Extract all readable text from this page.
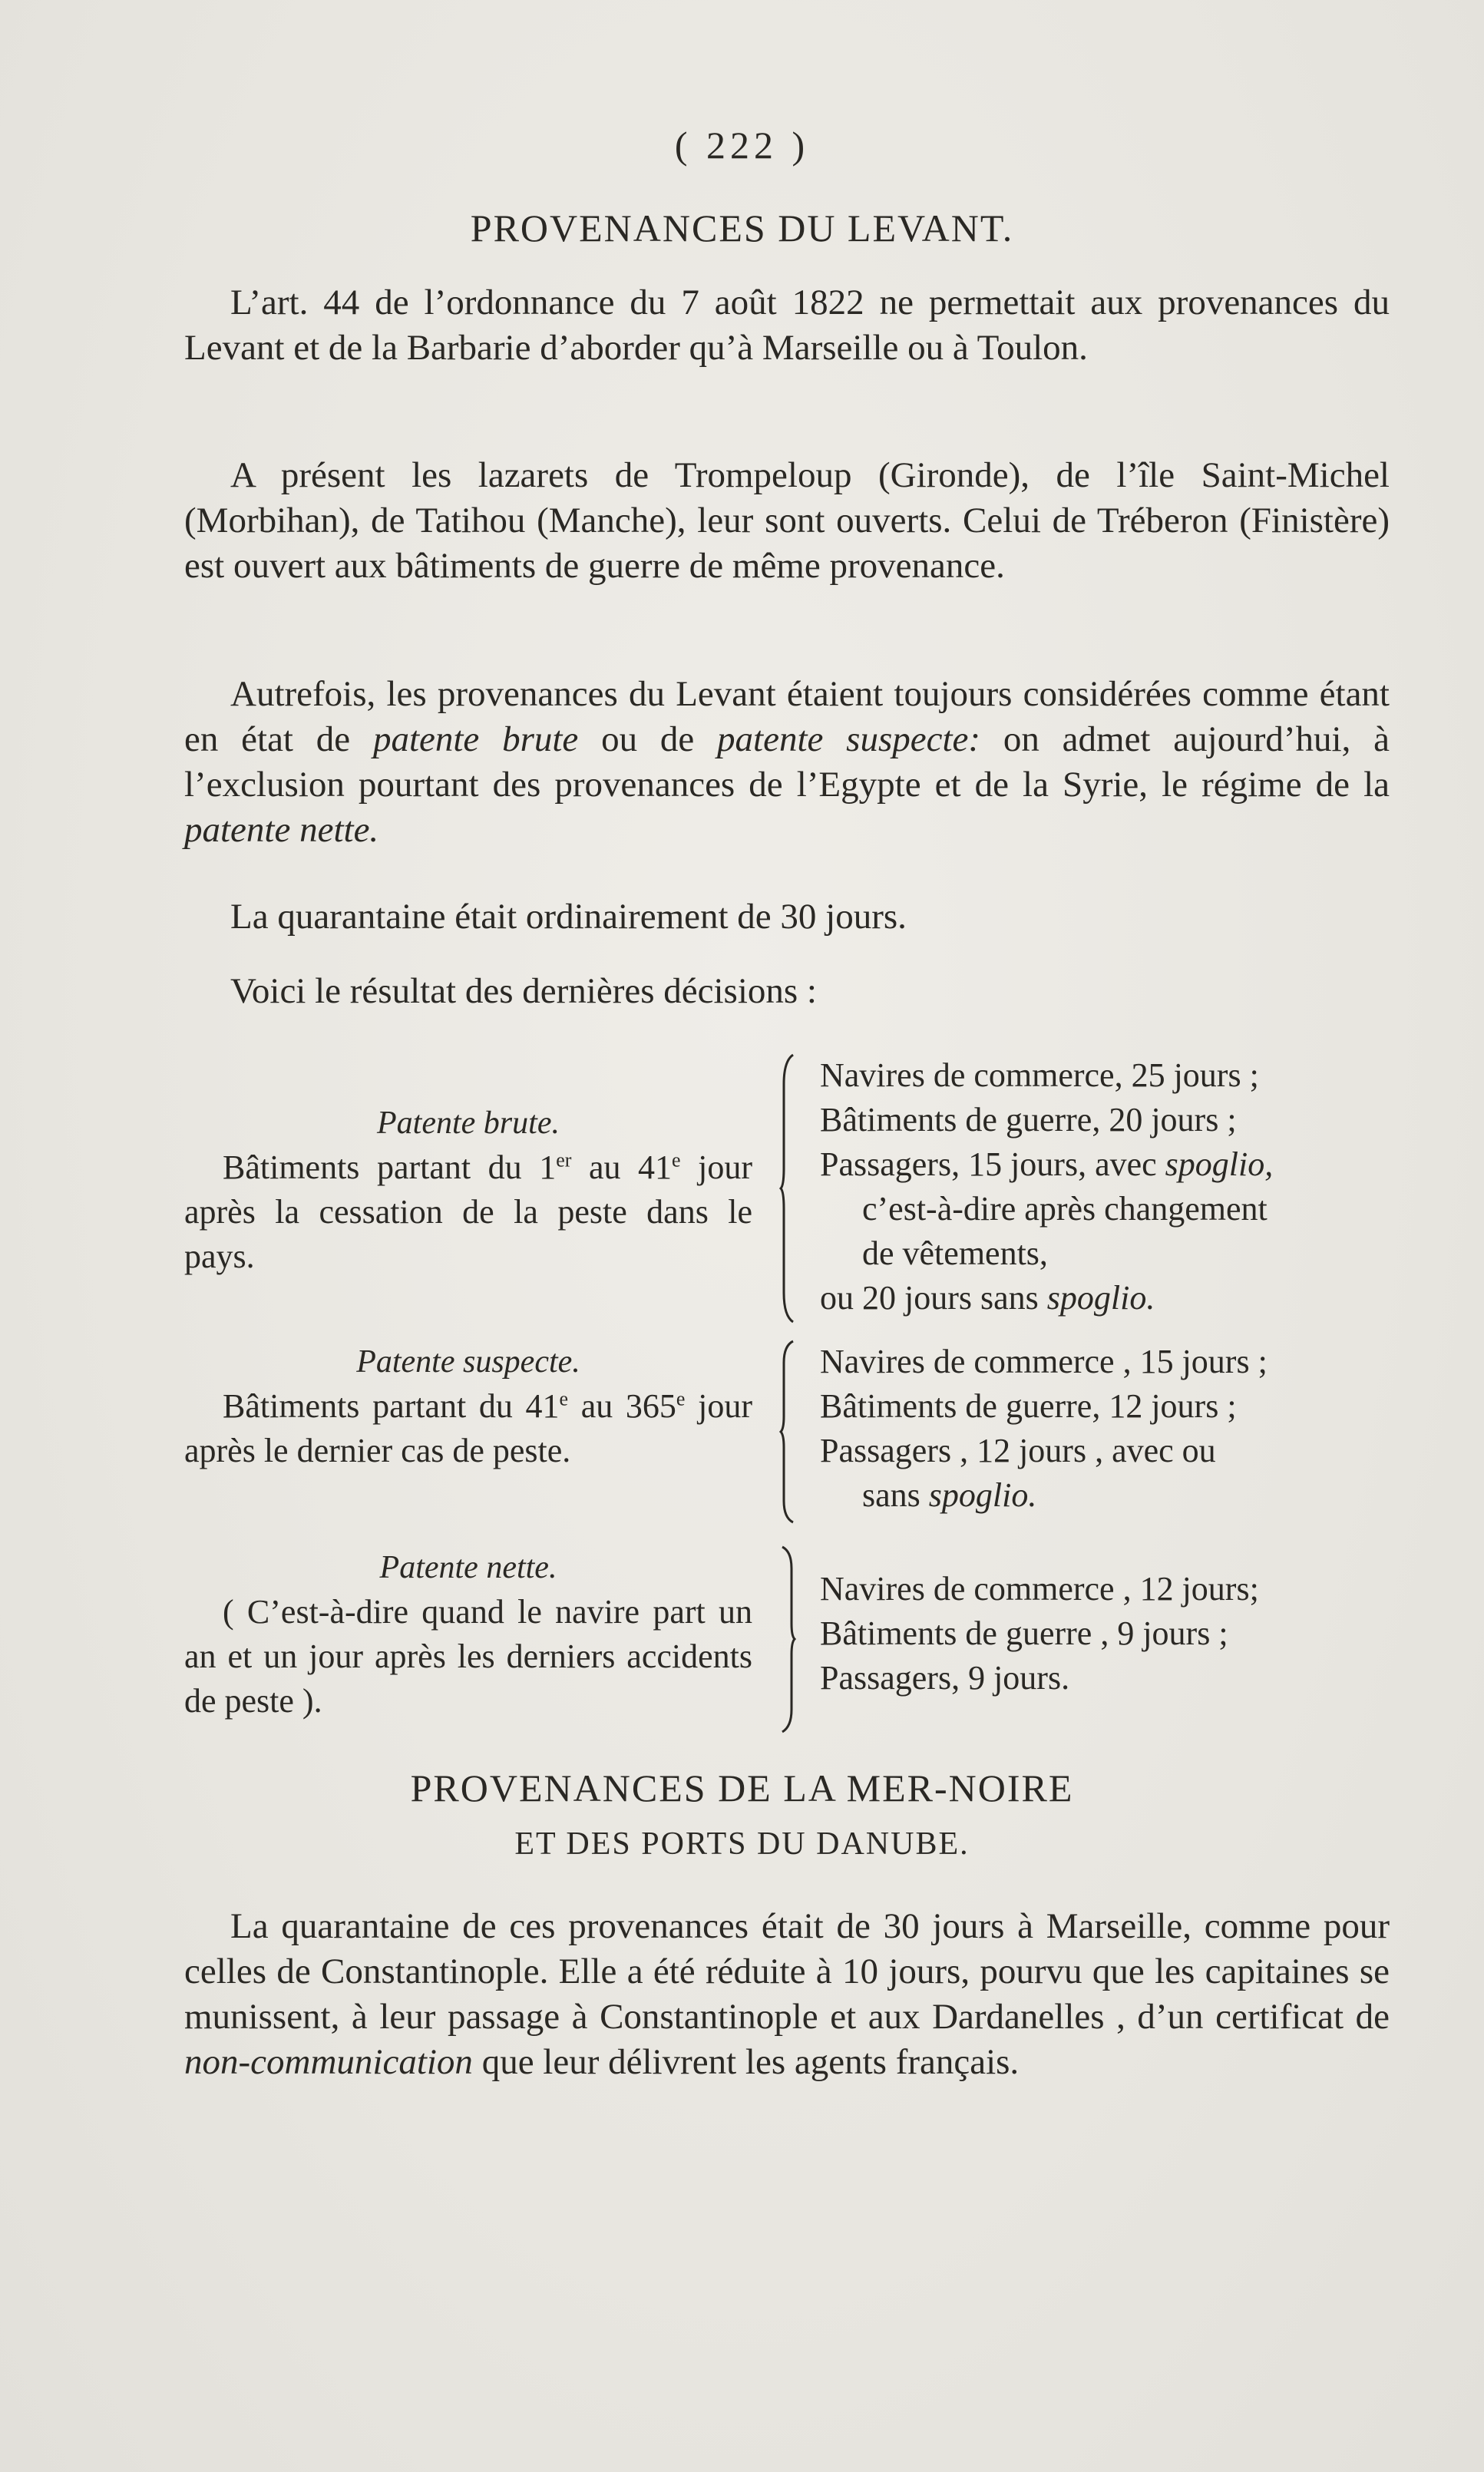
( 222 )
PROVENANCES DU LEVANT.

L’art. 44 de l’ordonnance du 7 août 1822 ne permettait aux provenances du Levant et de la Barbarie d’aborder qu’à Marseille ou à Toulon.

A présent les lazarets de Trompeloup (Gironde), de l’île Saint-Michel (Morbihan), de Tatihou (Manche), leur sont ouverts. Celui de Tréberon (Finistère) est ouvert aux bâtiments de guerre de même provenance.

Autrefois, les provenances du Levant étaient toujours considérées comme étant en état de patente brute ou de patente suspecte: on admet aujourd’hui, à l’exclusion pourtant des provenances de l’Egypte et de la Syrie, le régime de la patente nette.

La quarantaine était ordinairement de 30 jours.

Voici le résultat des dernières décisions :

Patente brute.
Bâtiments partant du 1er au 41e jour après la cessation de la peste dans le pays.
Navires de commerce, 25 jours ;
Bâtiments de guerre, 20 jours ;
Passagers, 15 jours, avec spoglio,
c’est-à-dire après changement
de vêtements,
ou 20 jours sans spoglio.
Patente suspecte.
Bâtiments partant du 41e au 365e jour après le dernier cas de peste.
Navires de commerce , 15 jours ;
Bâtiments de guerre, 12 jours ;
Passagers , 12 jours , avec ou
sans spoglio.
Patente nette.
( C’est-à-dire quand le navire part un an et un jour après les derniers accidents de peste ).
Navires de commerce , 12 jours;
Bâtiments de guerre , 9 jours ;
Passagers, 9 jours.
PROVENANCES DE LA MER-NOIRE
ET DES PORTS DU DANUBE.

La quarantaine de ces provenances était de 30 jours à Marseille, comme pour celles de Constantinople. Elle a été réduite à 10 jours, pourvu que les capitaines se munissent, à leur passage à Constantinople et aux Dardanelles , d’un certificat de non-communication que leur délivrent les agents français.
